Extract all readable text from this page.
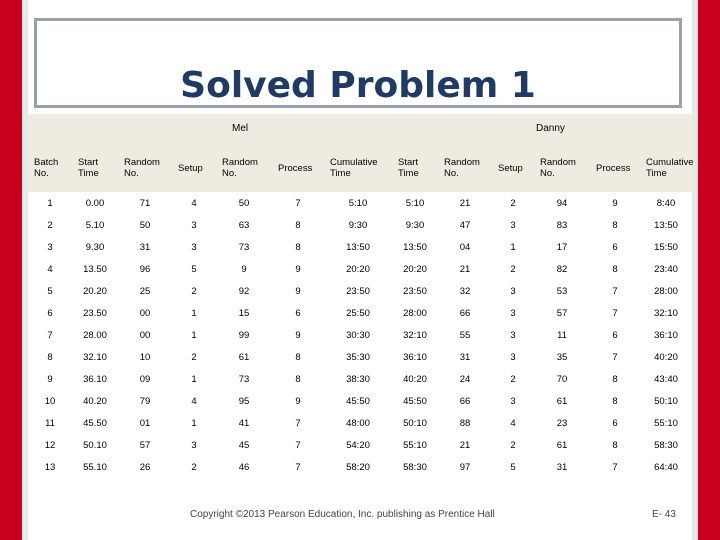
Solved Problem 1
Mel	Danny
Batch No.	Start Time	Random No.	Setup	Random No.	Process	Cumulative Time	Start Time	Random No.	Setup	Random No.	Process	Cumulative Time
1	0.00	71	4	50	7	5:10	5:10	21	2	94	9	8:40
2	5.10	50	3	63	8	9:30	9:30	47	3	83	8	13:50
3	9.30	31	3	73	8	13:50	13:50	04	1	17	6	15:50
4	13.50	96	5	9	9	20:20	20:20	21	2	82	8	23:40
5	20.20	25	2	92	9	23:50	23:50	32	3	53	7	28:00
6	23.50	00	1	15	6	25:50	28:00	66	3	57	7	32:10
7	28.00	00	1	99	9	30:30	32:10	55	3	11	6	36:10
8	32.10	10	2	61	8	35:30	36:10	31	3	35	7	40:20
9	36.10	09	1	73	8	38:30	40:20	24	2	70	8	43:40
10	40.20	79	4	95	9	45:50	45:50	66	3	61	8	50:10
11	45.50	01	1	41	7	48:00	50:10	88	4	23	6	55:10
12	50.10	57	3	45	7	54:20	55:10	21	2	61	8	58:30
13	55.10	26	2	46	7	58:20	58:30	97	5	31	7	64:40
Copyright ©2013 Pearson Education, Inc. publishing as Prentice Hall	E- 43
